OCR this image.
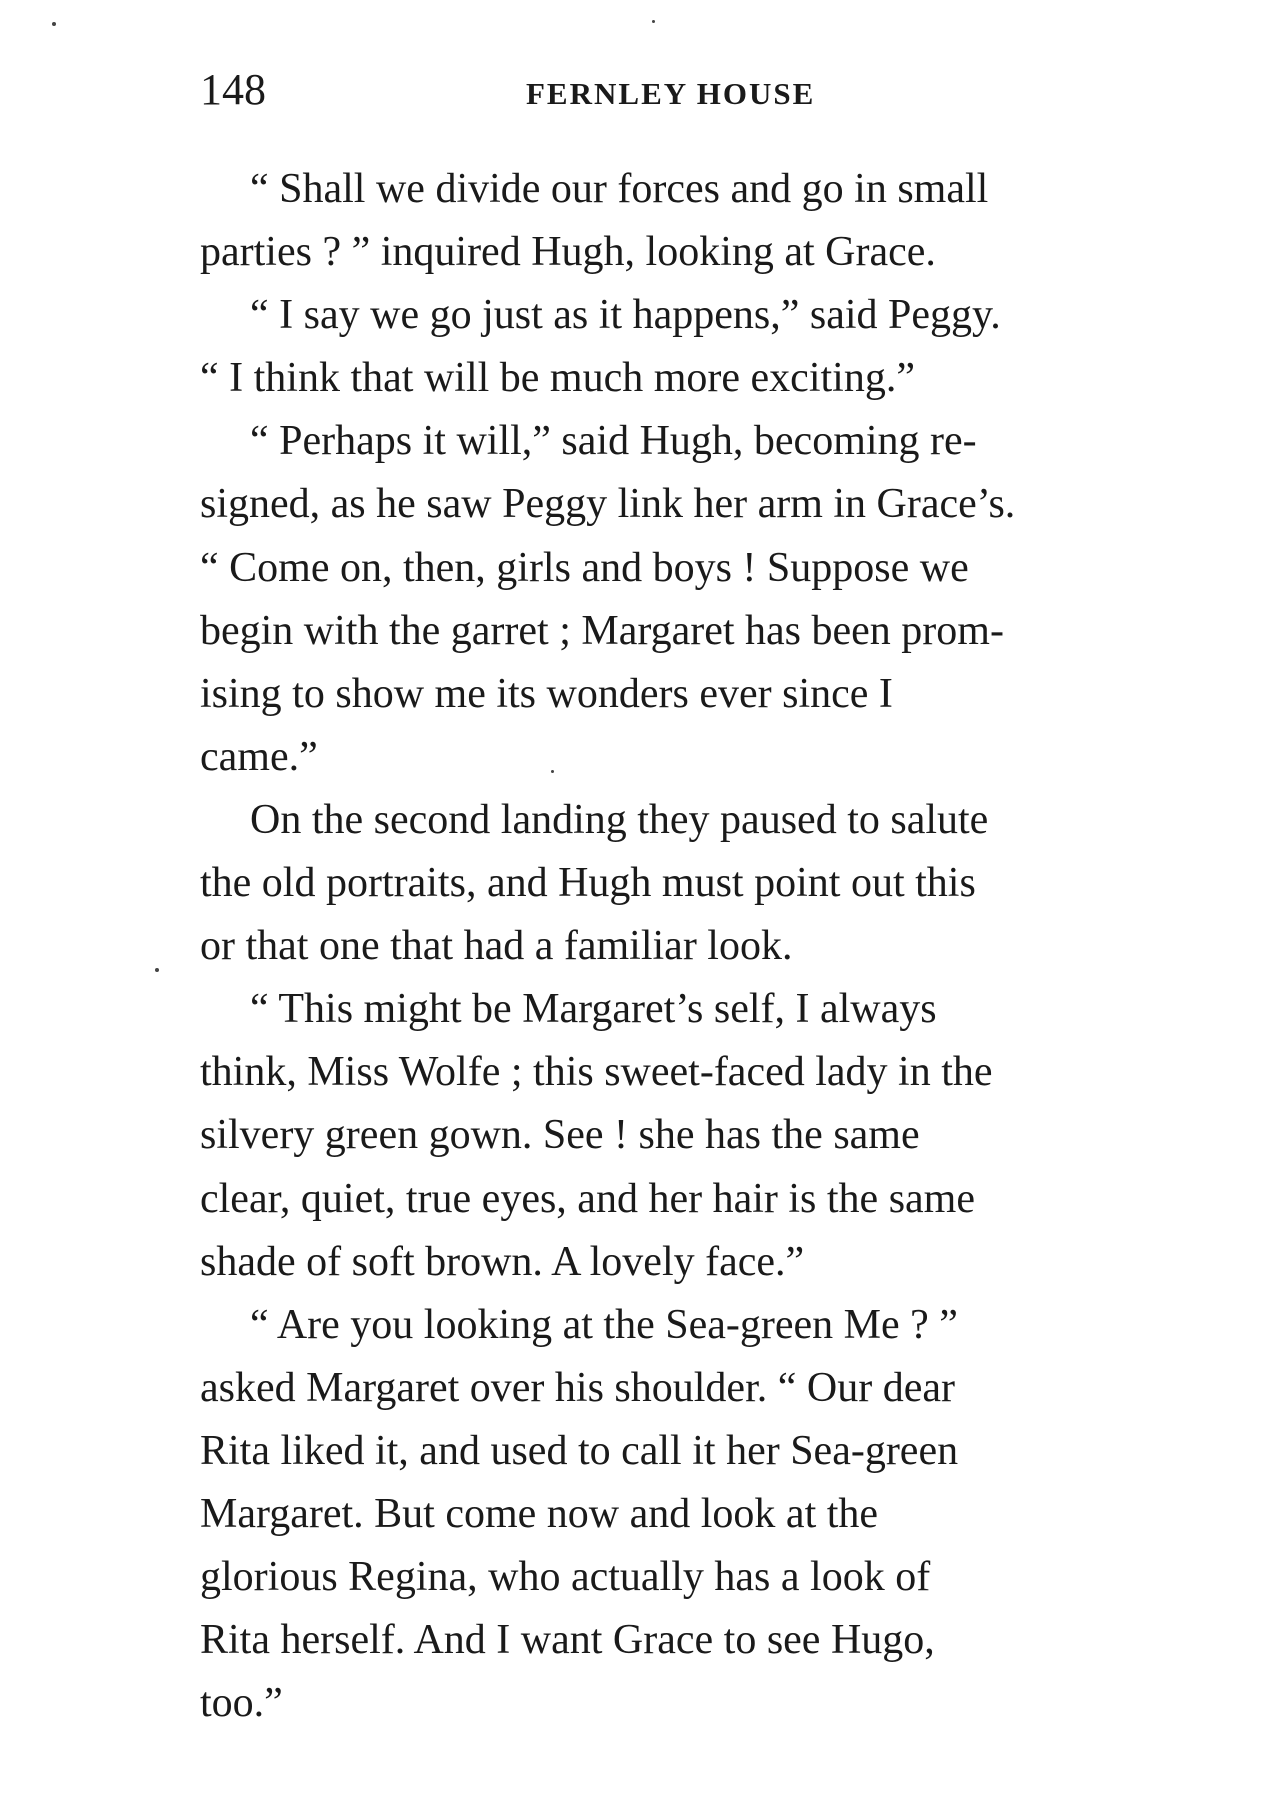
148	FERNLEY HOUSE

“ Shall we divide our forces and go in small
parties ? ” inquired Hugh, looking at Grace.

“ I say we go just as it happens,” said Peggy.
“ I think that will be much more exciting.”

“ Perhaps it will,” said Hugh, becoming re-
signed, as he saw Peggy link her arm in Grace’s.
“ Come on, then, girls and boys ! Suppose we
begin with the garret ; Margaret has been prom-
ising to show me its wonders ever since I
came.”

On the second landing they paused to salute
the old portraits, and Hugh must point out this
or that one that had a familiar look.

“ This might be Margaret’s self, I always
think, Miss Wolfe ; this sweet-faced lady in the
silvery green gown. See ! she has the same
clear, quiet, true eyes, and her hair is the same
shade of soft brown. A lovely face.”

“ Are you looking at the Sea-green Me ? ”
asked Margaret over his shoulder. “ Our dear
Rita liked it, and used to call it her Sea-green
Margaret. But come now and look at the
glorious Regina, who actually has a look of
Rita herself. And I want Grace to see Hugo,
too.”
